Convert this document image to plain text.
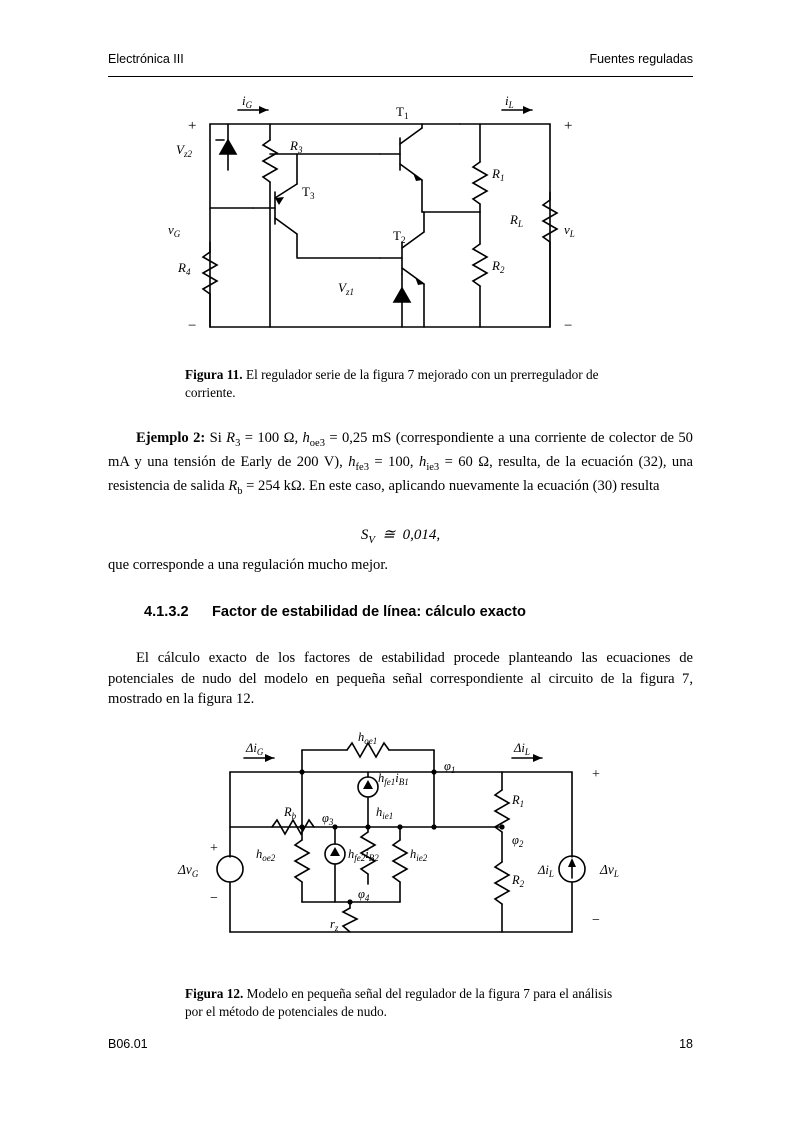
Electrónica III	Fuentes reguladas
$i_G$	$i_L$
$T_1$
$T_2$
$T_3$
$R_1$
$R_2$
$R_3$
$R_4$
$R_L$
$V_{z1}$
$V_{z2}$
$v_G$	$v_L$
+
−
+
−
Figura 11. El regulador serie de la figura 7 mejorado con un prerregulador de corriente.
Ejemplo 2: Si $R_3 = 100$ Ω, $h_{oe3} = 0,25$ mS (correspondiente a una corriente de colector de 50 mA y una tensión de Early de 200 V), $h_{fe3} = 100$, $h_{ie3} = 60$ Ω, resulta, de la ecuación (32), una resistencia de salida $R_b = 254$ kΩ. En este caso, aplicando nuevamente la ecuación (30) resulta
$S_V$  ≅  0,014,
que corresponde a una regulación mucho mejor.
4.1.3.2 Factor de estabilidad de línea: cálculo exacto
El cálculo exacto de los factores de estabilidad procede planteando las ecuaciones de potenciales de nudo del modelo en pequeña señal correspondiente al circuito de la figura 7, mostrado en la figura 12.
$\Delta i_G$	$\Delta i_L$
$h_{oe1}$
$h_{fe1}i_{B1}$
$R_b$	$h_{ie1}$
$h_{oe2}$	$h_{fe2}i_{B2}$	$h_{ie2}$
$R_1$
$R_2$
$r_z$
$\varphi_1$
$\varphi_2$
$\varphi_3$
$\varphi_4$
$\Delta v_G$	$\Delta v_L$
$\Delta i_L$
+
−
+
−
Figura 12. Modelo en pequeña señal del regulador de la figura 7 para el análisis por el método de potenciales de nudo.
B06.01	18
